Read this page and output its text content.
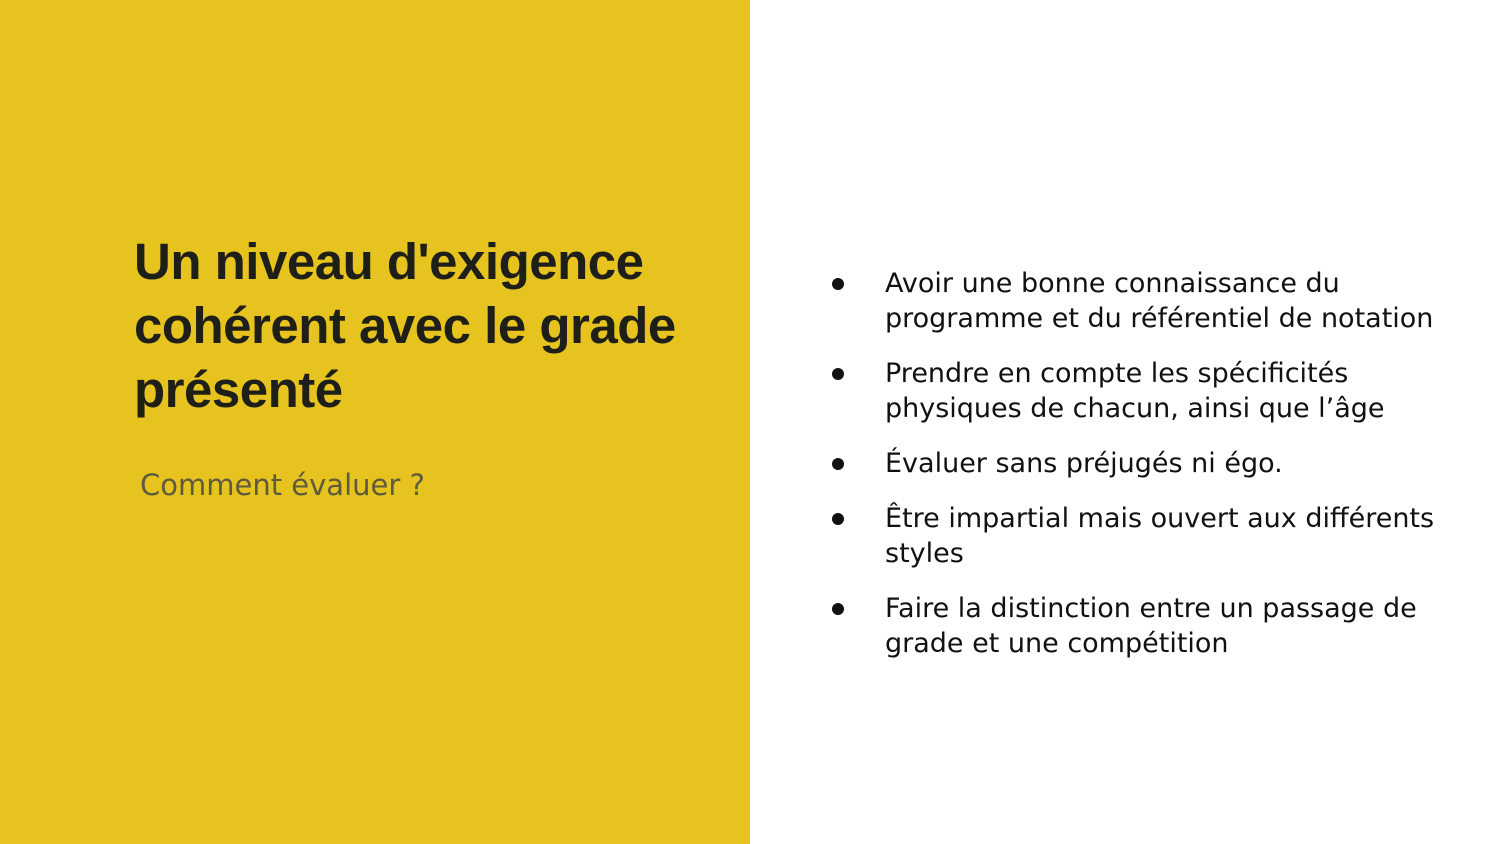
Un niveau d'exigence cohérent avec le grade présenté

Comment évaluer ?

Avoir une bonne connaissance du programme et du référentiel de notation
Prendre en compte les spécificités physiques de chacun, ainsi que l’âge
Évaluer sans préjugés ni égo.
Être impartial mais ouvert aux différents styles
Faire la distinction entre un passage de grade et une compétition
